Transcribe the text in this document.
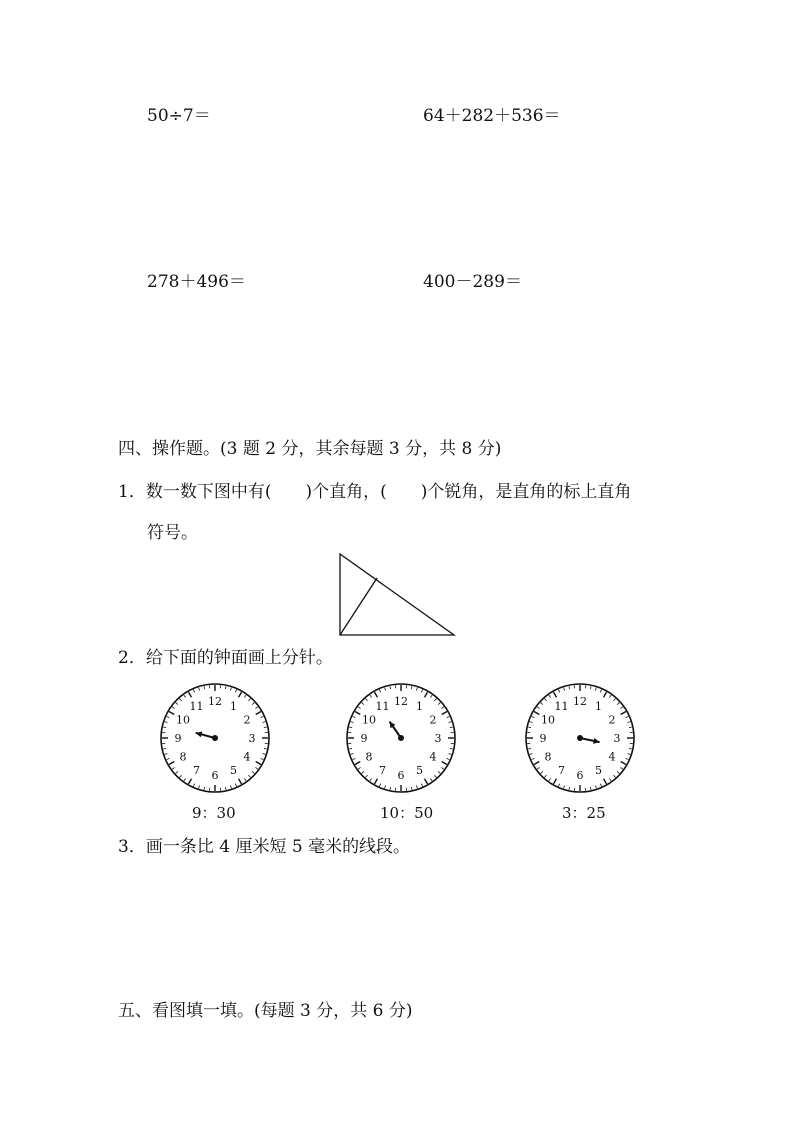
50÷7＝	64＋282＋536＝
278＋496＝	400－289＝
四、操作题。(3 题 2 分，其余每题 3 分，共 8 分)
1．数一数下图中有(　　)个直角，(　　)个锐角，是直角的标上直角
符号。
2．给下面的钟面画上分针。
12 1
2
3
4
5
6
7
8
9
10
11	12 1
2
3
4
5
6
7
8
9
10
11	12 1
2
3
4
5
6
7
8
9
10
11
9：30	10：50	3：25
3．画一条比 4 厘米短 5 毫米的线段。
五、看图填一填。(每题 3 分，共 6 分)
